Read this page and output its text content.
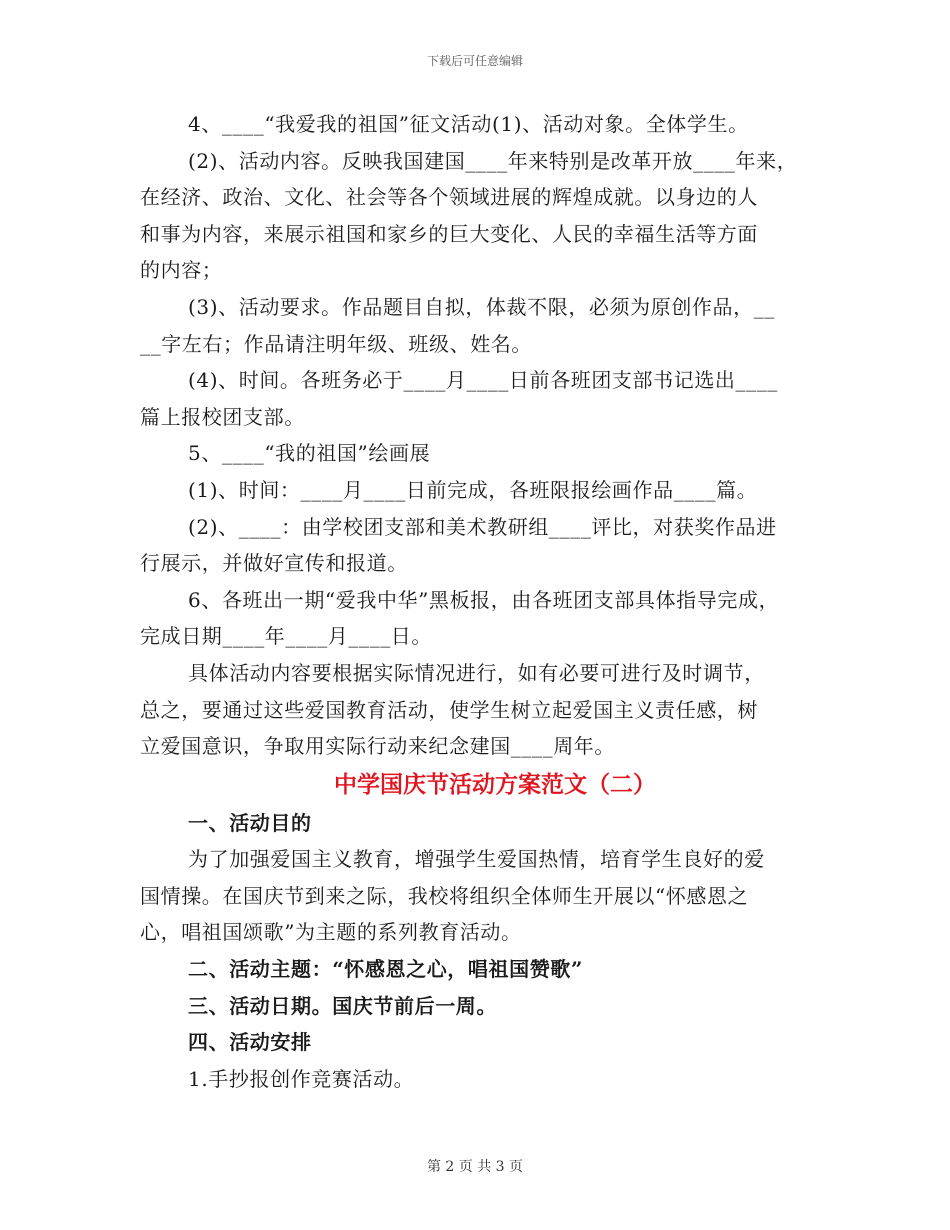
下载后可任意编辑

4、____“我爱我的祖国”征文活动(1)、活动对象。全体学生。

(2)、活动内容。反映我国建国____年来特别是改革开放____年来，

在经济、政治、文化、社会等各个领域进展的辉煌成就。以身边的人

和事为内容，来展示祖国和家乡的巨大变化、人民的幸福生活等方面

的内容；

(3)、活动要求。作品题目自拟，体裁不限，必须为原创作品，__

__字左右；作品请注明年级、班级、姓名。

(4)、时间。各班务必于____月____日前各班团支部书记选出____

篇上报校团支部。

5、____“我的祖国”绘画展

(1)、时间：____月____日前完成，各班限报绘画作品____篇。

(2)、____：由学校团支部和美术教研组____评比，对获奖作品进

行展示，并做好宣传和报道。

6、各班出一期“爱我中华”黑板报，由各班团支部具体指导完成，

完成日期____年____月____日。

具体活动内容要根据实际情况进行，如有必要可进行及时调节，

总之，要通过这些爱国教育活动，使学生树立起爱国主义责任感，树

立爱国意识，争取用实际行动来纪念建国____周年。

中学国庆节活动方案范文（二）

一、活动目的

为了加强爱国主义教育，增强学生爱国热情，培育学生良好的爱

国情操。在国庆节到来之际，我校将组织全体师生开展以“怀感恩之

心，唱祖国颂歌”为主题的系列教育活动。

二、活动主题：“怀感恩之心，唱祖国赞歌”

三、活动日期。国庆节前后一周。

四、活动安排

1.手抄报创作竞赛活动。

第 2 页 共 3 页
